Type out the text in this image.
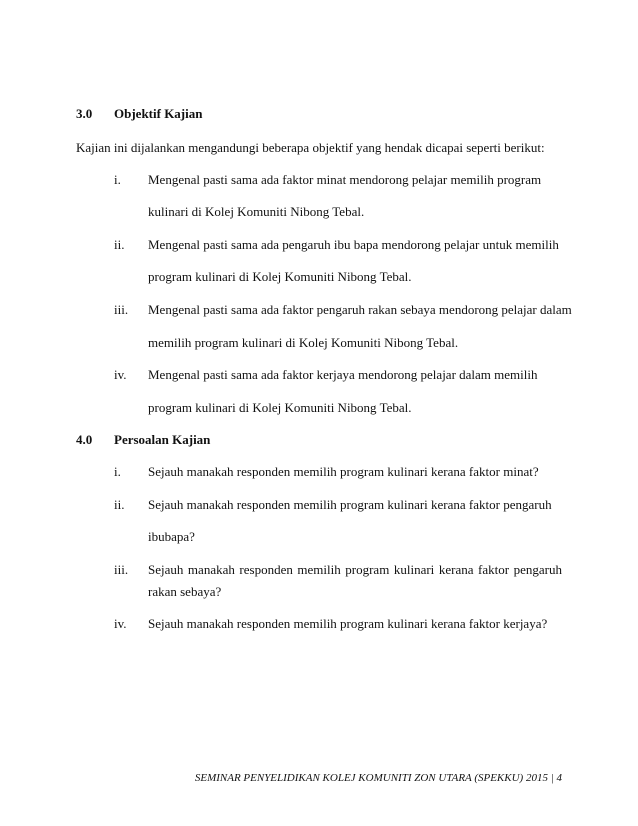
3.0 Objektif Kajian
Kajian ini dijalankan mengandungi beberapa objektif yang hendak dicapai seperti berikut:
i. Mengenal pasti sama ada faktor minat mendorong pelajar memilih program
kulinari di Kolej Komuniti Nibong Tebal.
ii. Mengenal pasti sama ada pengaruh ibu bapa mendorong pelajar untuk memilih
program kulinari di Kolej Komuniti Nibong Tebal.
iii. Mengenal pasti sama ada faktor pengaruh rakan sebaya mendorong pelajar dalam
memilih program kulinari di Kolej Komuniti Nibong Tebal.
iv. Mengenal pasti sama ada faktor kerjaya mendorong pelajar dalam memilih
program kulinari di Kolej Komuniti Nibong Tebal.
4.0 Persoalan Kajian
i. Sejauh manakah responden memilih program kulinari kerana faktor minat?
ii. Sejauh manakah responden memilih program kulinari kerana faktor pengaruh
ibubapa?
iii. Sejauh manakah responden memilih program kulinari kerana faktor pengaruh
rakan sebaya?
iv. Sejauh manakah responden memilih program kulinari kerana faktor kerjaya?
SEMINAR PENYELIDIKAN KOLEJ KOMUNITI ZON UTARA (SPEKKU) 2015 | 4
